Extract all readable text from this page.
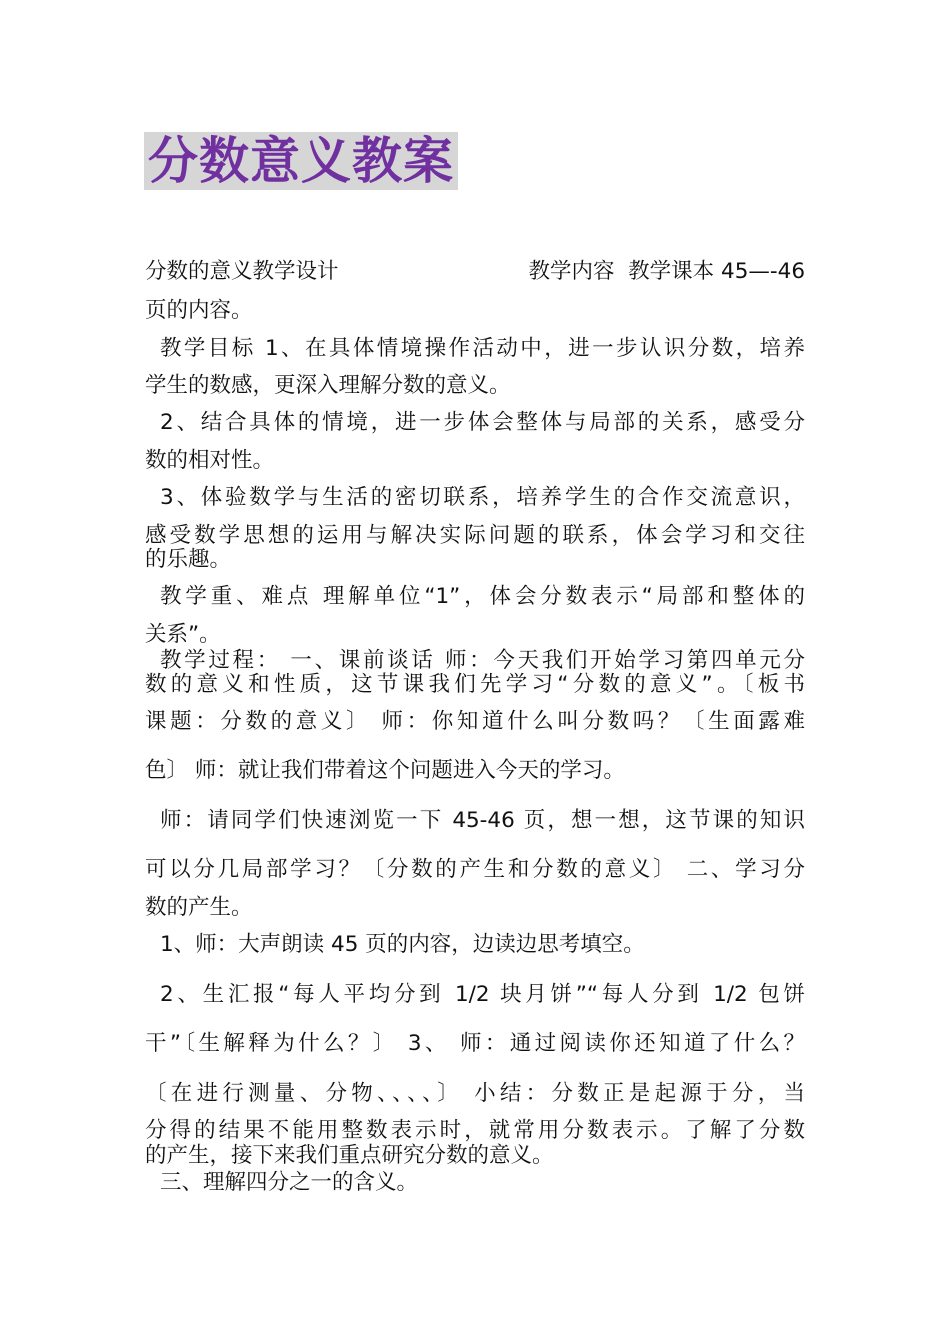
分数意义教案
分数的意义教学设计	教学内容  教学课本 45—-46
页的内容。
教学目标 1、在具体情境操作活动中，进一步认识分数，培养
学生的数感，更深入理解分数的意义。
2、结合具体的情境，进一步体会整体与局部的关系，感受分
数的相对性。
3、体验数学与生活的密切联系，培养学生的合作交流意识，
感受数学思想的运用与解决实际问题的联系，体会学习和交往
的乐趣。
教学重、难点 理解单位“1”，体会分数表示“局部和整体的
关系”。
教学过程： 一、课前谈话 师：今天我们开始学习第四单元分
数的意义和性质，这节课我们先学习“分数的意义”。〔板书
课题：分数的意义〕 师：你知道什么叫分数吗？〔生面露难
色〕 师：就让我们带着这个问题进入今天的学习。
师：请同学们快速浏览一下 45-46 页，想一想，这节课的知识
可以分几局部学习？〔分数的产生和分数的意义〕 二、学习分
数的产生。
1、师：大声朗读 45 页的内容，边读边思考填空。
2、生汇报“每人平均分到 1/2 块月饼”“每人分到 1/2 包饼
干”〔生解释为什么？〕 3、 师：通过阅读你还知道了什么？
〔在进行测量、分物、、、、〕 小结：分数正是起源于分，当
分得的结果不能用整数表示时，就常用分数表示。了解了分数
的产生，接下来我们重点研究分数的意义。
三、理解四分之一的含义。
